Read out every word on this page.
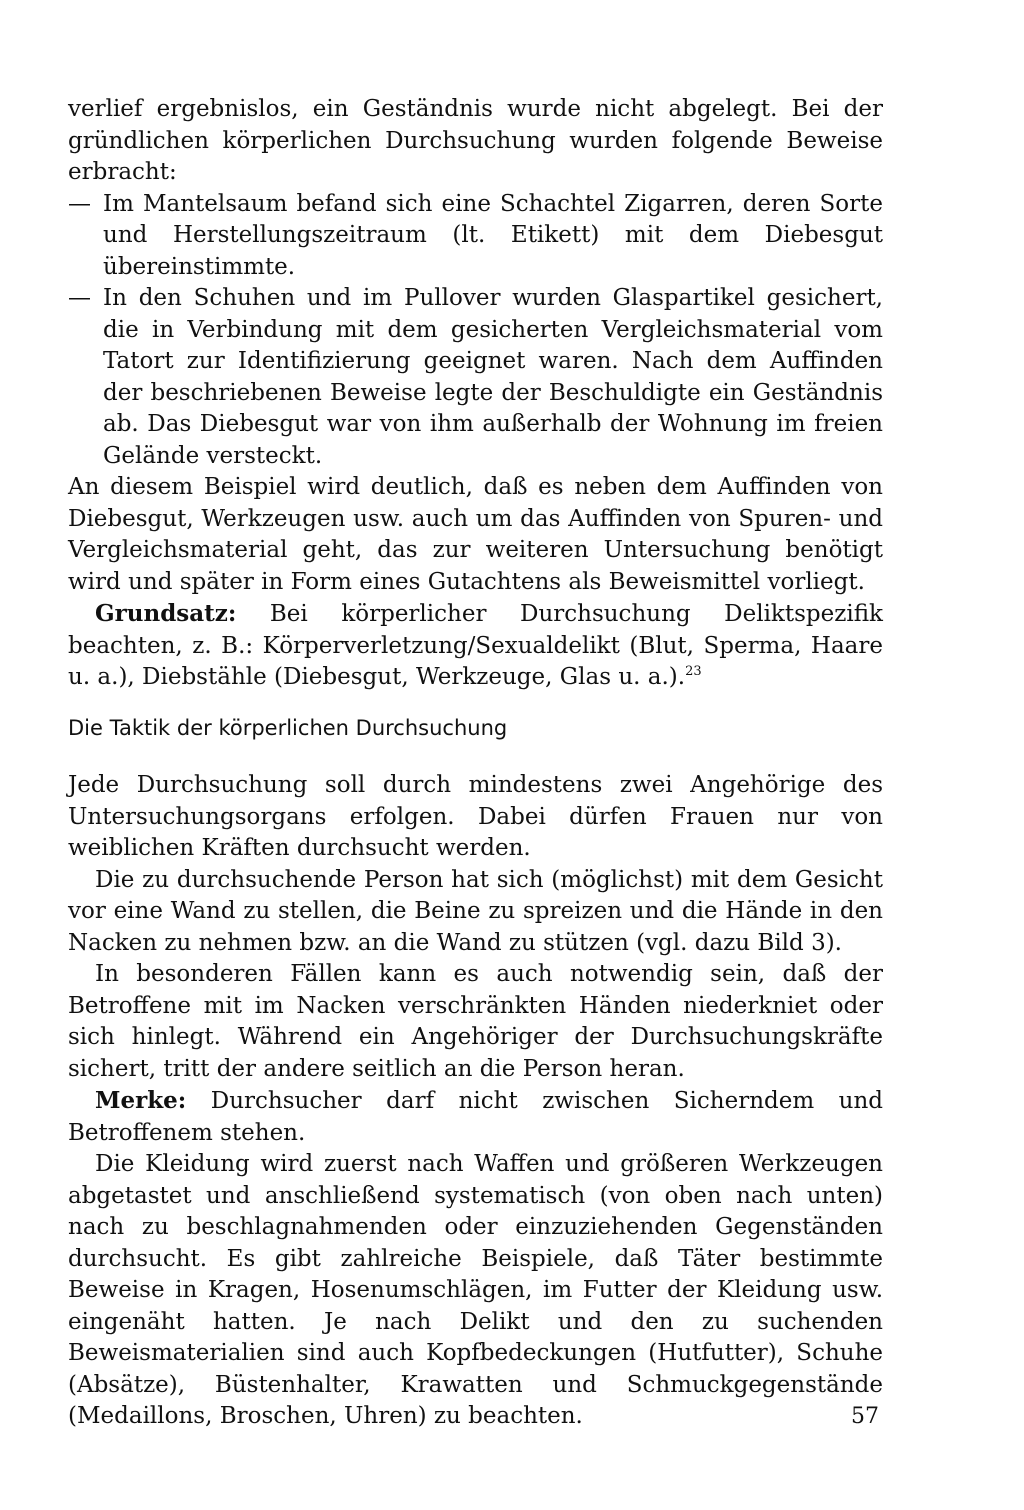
verlief ergebnislos, ein Geständnis wurde nicht abgelegt. Bei der gründlichen körperlichen Durchsuchung wurden folgende Beweise erbracht:

— Im Mantelsaum befand sich eine Schachtel Zigarren, deren Sorte und Herstellungszeitraum (lt. Etikett) mit dem Diebesgut übereinstimmte.

— In den Schuhen und im Pullover wurden Glaspartikel gesichert, die in Verbindung mit dem gesicherten Vergleichsmaterial vom Tatort zur Identifizierung geeignet waren. Nach dem Auffinden der beschriebenen Beweise legte der Beschuldigte ein Geständnis ab. Das Diebesgut war von ihm außerhalb der Wohnung im freien Gelände versteckt.

An diesem Beispiel wird deutlich, daß es neben dem Auffinden von Diebesgut, Werkzeugen usw. auch um das Auffinden von Spuren- und Vergleichsmaterial geht, das zur weiteren Untersuchung benötigt wird und später in Form eines Gutachtens als Beweismittel vorliegt.

Grundsatz: Bei körperlicher Durchsuchung Deliktspezifik beachten, z. B.: Körperverletzung/Sexualdelikt (Blut, Sperma, Haare u. a.), Diebstähle (Diebesgut, Werkzeuge, Glas u. a.).$^{23}$

Die Taktik der körperlichen Durchsuchung

Jede Durchsuchung soll durch mindestens zwei Angehörige des Untersuchungsorgans erfolgen. Dabei dürfen Frauen nur von weiblichen Kräften durchsucht werden.

Die zu durchsuchende Person hat sich (möglichst) mit dem Gesicht vor eine Wand zu stellen, die Beine zu spreizen und die Hände in den Nacken zu nehmen bzw. an die Wand zu stützen (vgl. dazu Bild 3).

In besonderen Fällen kann es auch notwendig sein, daß der Betroffene mit im Nacken verschränkten Händen niederkniet oder sich hinlegt. Während ein Angehöriger der Durchsuchungskräfte sichert, tritt der andere seitlich an die Person heran.

Merke: Durchsucher darf nicht zwischen Sicherndem und Betroffenem stehen.

Die Kleidung wird zuerst nach Waffen und größeren Werkzeugen abgetastet und anschließend systematisch (von oben nach unten) nach zu beschlagnahmenden oder einzuziehenden Gegenständen durchsucht. Es gibt zahlreiche Beispiele, daß Täter bestimmte Beweise in Kragen, Hosenumschlägen, im Futter der Kleidung usw. eingenäht hatten. Je nach Delikt und den zu suchenden Beweismaterialien sind auch Kopfbedeckungen (Hutfutter), Schuhe (Absätze), Büstenhalter, Krawatten und Schmuckgegenstände (Medaillons, Broschen, Uhren) zu beachten.	57
